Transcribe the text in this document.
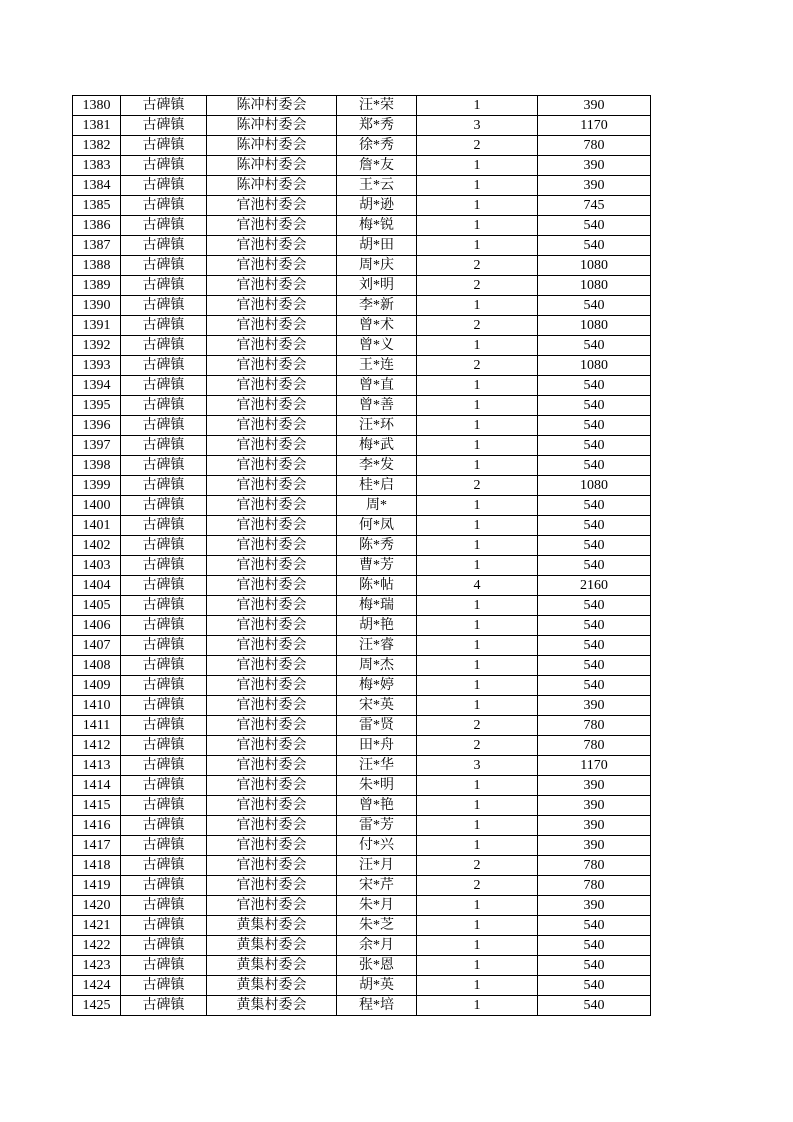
1380	古碑镇	陈冲村委会	汪*荣	1	390
1381	古碑镇	陈冲村委会	郑*秀	3	1170
1382	古碑镇	陈冲村委会	徐*秀	2	780
1383	古碑镇	陈冲村委会	詹*友	1	390
1384	古碑镇	陈冲村委会	王*云	1	390
1385	古碑镇	官池村委会	胡*逊	1	745
1386	古碑镇	官池村委会	梅*锐	1	540
1387	古碑镇	官池村委会	胡*田	1	540
1388	古碑镇	官池村委会	周*庆	2	1080
1389	古碑镇	官池村委会	刘*明	2	1080
1390	古碑镇	官池村委会	李*新	1	540
1391	古碑镇	官池村委会	曾*术	2	1080
1392	古碑镇	官池村委会	曾*义	1	540
1393	古碑镇	官池村委会	王*连	2	1080
1394	古碑镇	官池村委会	曾*直	1	540
1395	古碑镇	官池村委会	曾*善	1	540
1396	古碑镇	官池村委会	汪*环	1	540
1397	古碑镇	官池村委会	梅*武	1	540
1398	古碑镇	官池村委会	李*发	1	540
1399	古碑镇	官池村委会	桂*启	2	1080
1400	古碑镇	官池村委会	周*	1	540
1401	古碑镇	官池村委会	何*凤	1	540
1402	古碑镇	官池村委会	陈*秀	1	540
1403	古碑镇	官池村委会	曹*芳	1	540
1404	古碑镇	官池村委会	陈*帖	4	2160
1405	古碑镇	官池村委会	梅*瑞	1	540
1406	古碑镇	官池村委会	胡*艳	1	540
1407	古碑镇	官池村委会	汪*睿	1	540
1408	古碑镇	官池村委会	周*杰	1	540
1409	古碑镇	官池村委会	梅*婷	1	540
1410	古碑镇	官池村委会	宋*英	1	390
1411	古碑镇	官池村委会	雷*贤	2	780
1412	古碑镇	官池村委会	田*舟	2	780
1413	古碑镇	官池村委会	汪*华	3	1170
1414	古碑镇	官池村委会	朱*明	1	390
1415	古碑镇	官池村委会	曾*艳	1	390
1416	古碑镇	官池村委会	雷*芳	1	390
1417	古碑镇	官池村委会	付*兴	1	390
1418	古碑镇	官池村委会	汪*月	2	780
1419	古碑镇	官池村委会	宋*芹	2	780
1420	古碑镇	官池村委会	朱*月	1	390
1421	古碑镇	黄集村委会	朱*芝	1	540
1422	古碑镇	黄集村委会	余*月	1	540
1423	古碑镇	黄集村委会	张*恩	1	540
1424	古碑镇	黄集村委会	胡*英	1	540
1425	古碑镇	黄集村委会	程*培	1	540
